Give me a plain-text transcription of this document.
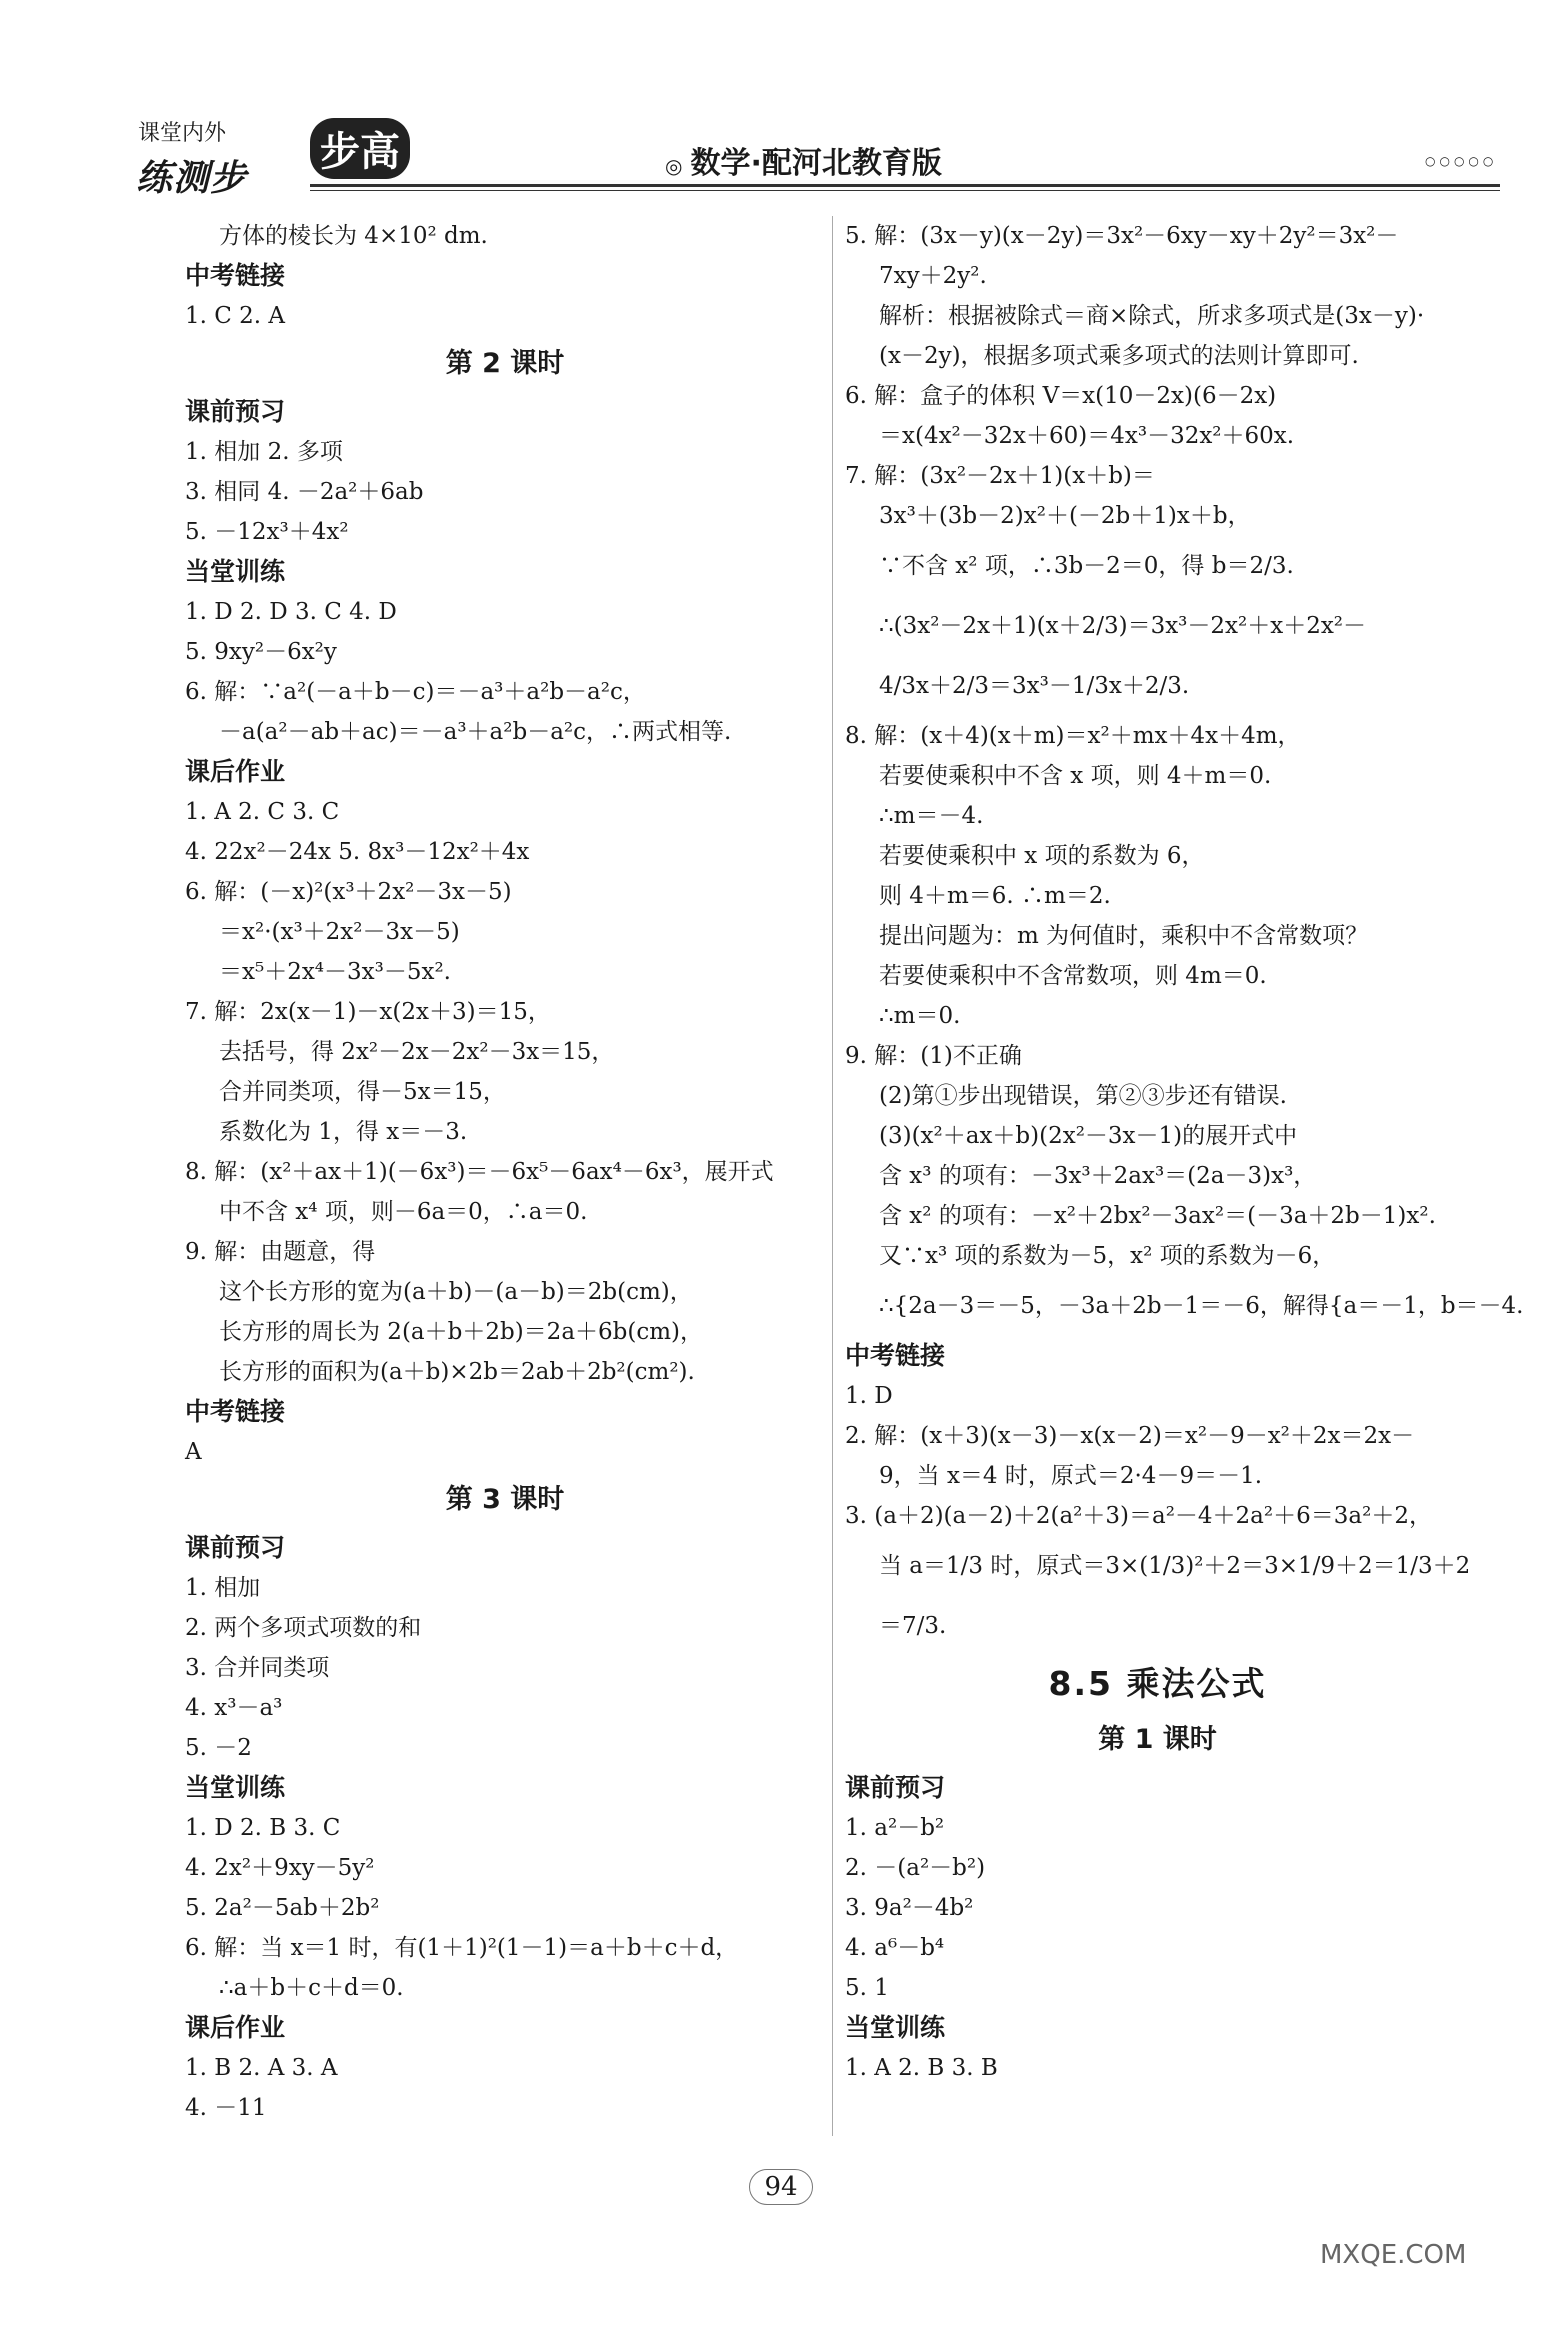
课堂内外
练测步
步高	◎ 数学·配河北教育版	○○○○○
方体的棱长为 4×10² dm.
中考链接
1. C 2. A
第 2 课时
课前预习
1. 相加 2. 多项
3. 相同 4. －2a²＋6ab
5. －12x³＋4x²
当堂训练
1. D 2. D 3. C 4. D
5. 9xy²－6x²y
6. 解：∵a²(－a＋b－c)＝－a³＋a²b－a²c，
－a(a²－ab＋ac)＝－a³＋a²b－a²c，∴两式相等.
课后作业
1. A 2. C 3. C
4. 22x²－24x 5. 8x³－12x²＋4x
6. 解：(－x)²(x³＋2x²－3x－5)
＝x²·(x³＋2x²－3x－5)
＝x⁵＋2x⁴－3x³－5x².
7. 解：2x(x－1)－x(2x＋3)＝15，
去括号，得 2x²－2x－2x²－3x＝15，
合并同类项，得－5x＝15，
系数化为 1，得 x＝－3.
8. 解：(x²＋ax＋1)(－6x³)＝－6x⁵－6ax⁴－6x³，展开式
中不含 x⁴ 项，则－6a＝0，∴a＝0.
9. 解：由题意，得
这个长方形的宽为(a＋b)－(a－b)＝2b(cm)，
长方形的周长为 2(a＋b＋2b)＝2a＋6b(cm)，
长方形的面积为(a＋b)×2b＝2ab＋2b²(cm²).
中考链接
A
第 3 课时
课前预习
1. 相加
2. 两个多项式项数的和
3. 合并同类项
4. x³－a³
5. －2
当堂训练
1. D 2. B 3. C
4. 2x²＋9xy－5y²
5. 2a²－5ab＋2b²
6. 解：当 x＝1 时，有(1＋1)²(1－1)＝a＋b＋c＋d，
∴a＋b＋c＋d＝0.
课后作业
1. B 2. A 3. A
4. －11
5. 解：(3x－y)(x－2y)＝3x²－6xy－xy＋2y²＝3x²－
7xy＋2y².
解析：根据被除式＝商×除式，所求多项式是(3x－y)·
(x－2y)，根据多项式乘多项式的法则计算即可.
6. 解：盒子的体积 V＝x(10－2x)(6－2x)
＝x(4x²－32x＋60)＝4x³－32x²＋60x.
7. 解：(3x²－2x＋1)(x＋b)＝
3x³＋(3b－2)x²＋(－2b＋1)x＋b，
∵不含 x² 项，∴3b－2＝0，得 b＝2/3.
∴(3x²－2x＋1)(x＋2/3)＝3x³－2x²＋x＋2x²－
4/3x＋2/3＝3x³－1/3x＋2/3.
8. 解：(x＋4)(x＋m)＝x²＋mx＋4x＋4m，
若要使乘积中不含 x 项，则 4＋m＝0.
∴m＝－4.
若要使乘积中 x 项的系数为 6，
则 4＋m＝6. ∴m＝2.
提出问题为：m 为何值时，乘积中不含常数项？
若要使乘积中不含常数项，则 4m＝0.
∴m＝0.
9. 解：(1)不正确
(2)第①步出现错误，第②③步还有错误.
(3)(x²＋ax＋b)(2x²－3x－1)的展开式中
含 x³ 的项有：－3x³＋2ax³＝(2a－3)x³，
含 x² 的项有：－x²＋2bx²－3ax²＝(－3a＋2b－1)x².
又∵x³ 项的系数为－5，x² 项的系数为－6，
∴{2a－3＝－5，－3a＋2b－1＝－6，解得{a＝－1，b＝－4.
中考链接
1. D
2. 解：(x＋3)(x－3)－x(x－2)＝x²－9－x²＋2x＝2x－
9，当 x＝4 时，原式＝2·4－9＝－1.
3. (a＋2)(a－2)＋2(a²＋3)＝a²－4＋2a²＋6＝3a²＋2，
当 a＝1/3 时，原式＝3×(1/3)²＋2＝3×1/9＋2＝1/3＋2
＝7/3.
8.5 乘法公式
第 1 课时
课前预习
1. a²－b²
2. －(a²－b²)
3. 9a²－4b²
4. a⁶－b⁴
5. 1
当堂训练
1. A 2. B 3. B
94
MXQE.COM
